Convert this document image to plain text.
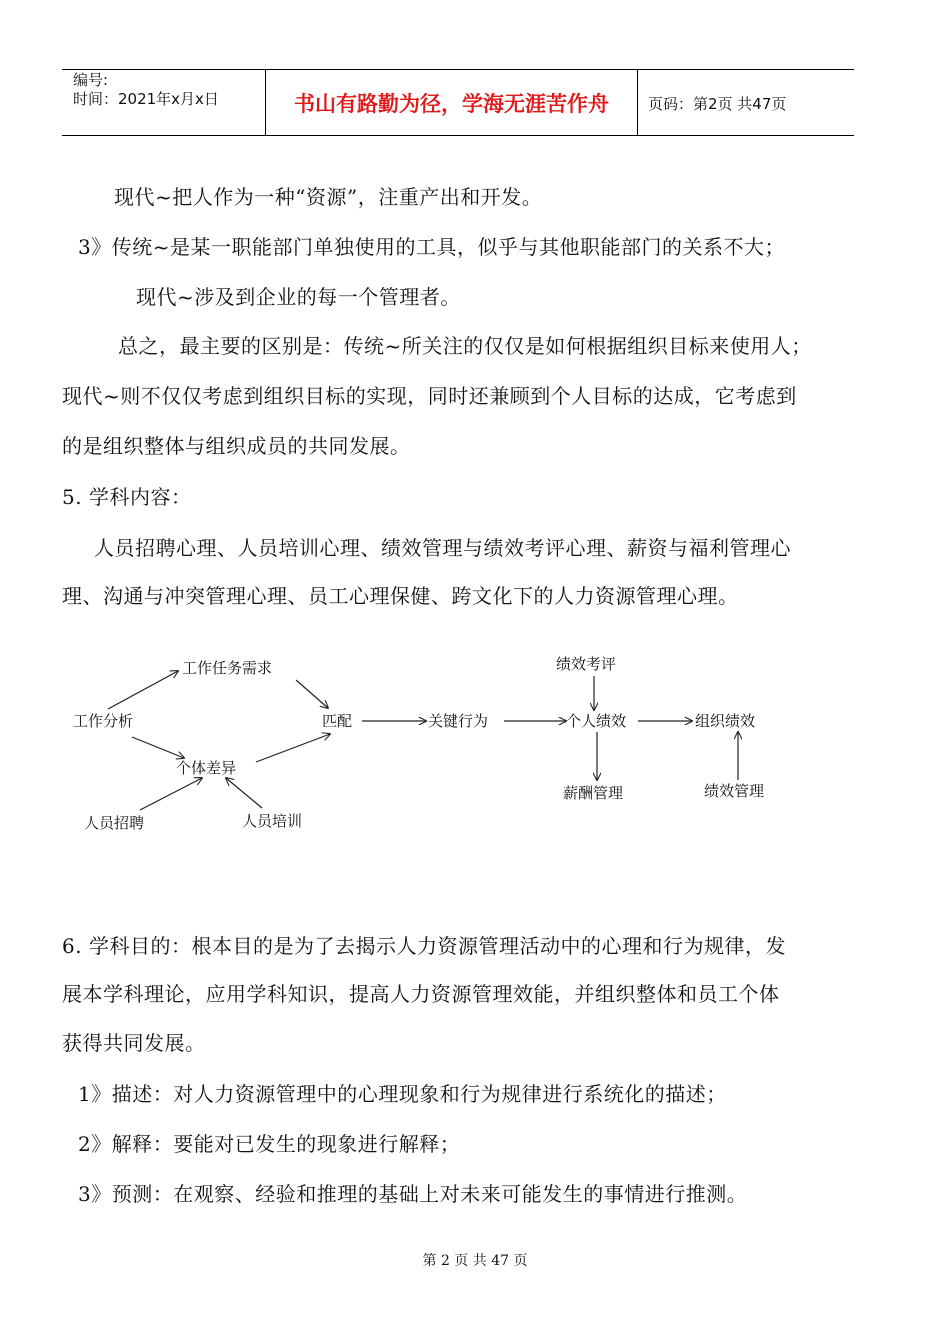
编号:
时间：2021年x月x日	书山有路勤为径，学海无涯苦作舟	页码：第2页 共47页
现代~把人作为一种“资源”，注重产出和开发。
3》传统~是某一职能部门单独使用的工具，似乎与其他职能部门的关系不大；
现代~涉及到企业的每一个管理者。
总之，最主要的区别是：传统~所关注的仅仅是如何根据组织目标来使用人；
现代~则不仅仅考虑到组织目标的实现，同时还兼顾到个人目标的达成，它考虑到
的是组织整体与组织成员的共同发展。
5. 学科内容：
人员招聘心理、人员培训心理、绩效管理与绩效考评心理、薪资与福利管理心
理、沟通与冲突管理心理、员工心理保健、跨文化下的人力资源管理心理。
工作分析
工作任务需求
个体差异
匹配	关键行为	个人绩效	组织绩效
绩效考评
薪酬管理	绩效管理
人员招聘	人员培训
6. 学科目的：根本目的是为了去揭示人力资源管理活动中的心理和行为规律，发
展本学科理论，应用学科知识，提高人力资源管理效能，并组织整体和员工个体
获得共同发展。
1》描述：对人力资源管理中的心理现象和行为规律进行系统化的描述；
2》解释：要能对已发生的现象进行解释；
3》预测：在观察、经验和推理的基础上对未来可能发生的事情进行推测。
第 2 页 共 47 页
